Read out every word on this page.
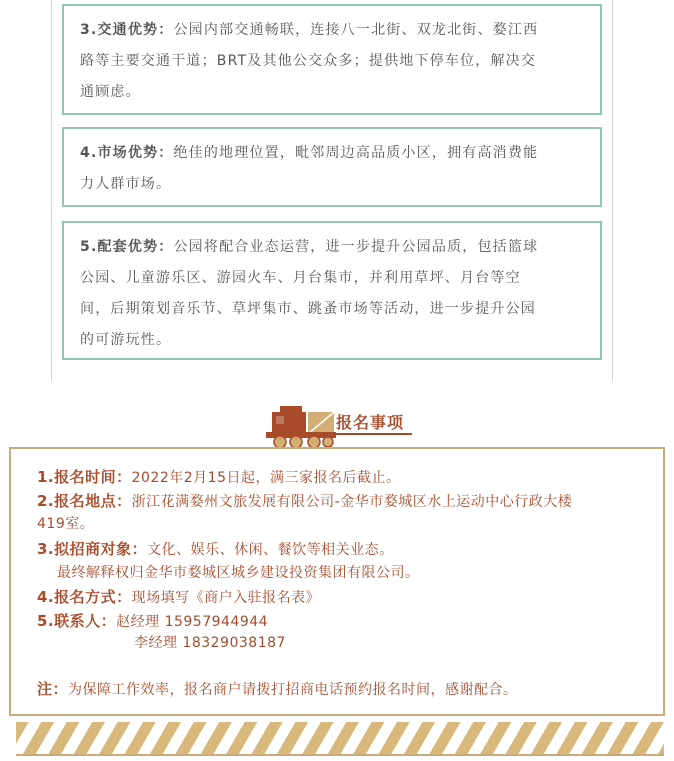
3.交通优势：公园内部交通畅联，连接八一北街、双龙北街、婺江西
路等主要交通干道；BRT及其他公交众多；提供地下停车位，解决交
通顾虑。
4.市场优势：绝佳的地理位置，毗邻周边高品质小区，拥有高消费能
力人群市场。
5.配套优势：公园将配合业态运营，进一步提升公园品质，包括篮球
公园、儿童游乐区、游园火车、月台集市，并利用草坪、月台等空
间，后期策划音乐节、草坪集市、跳蚤市场等活动，进一步提升公园
的可游玩性。
报名事项
1.报名时间：2022年2月15日起，满三家报名后截止。
2.报名地点：浙江花满婺州文旅发展有限公司-金华市婺城区水上运动中心行政大楼
419室。
3.拟招商对象：文化、娱乐、休闲、餐饮等相关业态。
最终解释权归金华市婺城区城乡建设投资集团有限公司。
4.报名方式：现场填写《商户入驻报名表》
5.联系人：赵经理 15957944944
李经理 18329038187
注：为保障工作效率，报名商户请拨打招商电话预约报名时间，感谢配合。
